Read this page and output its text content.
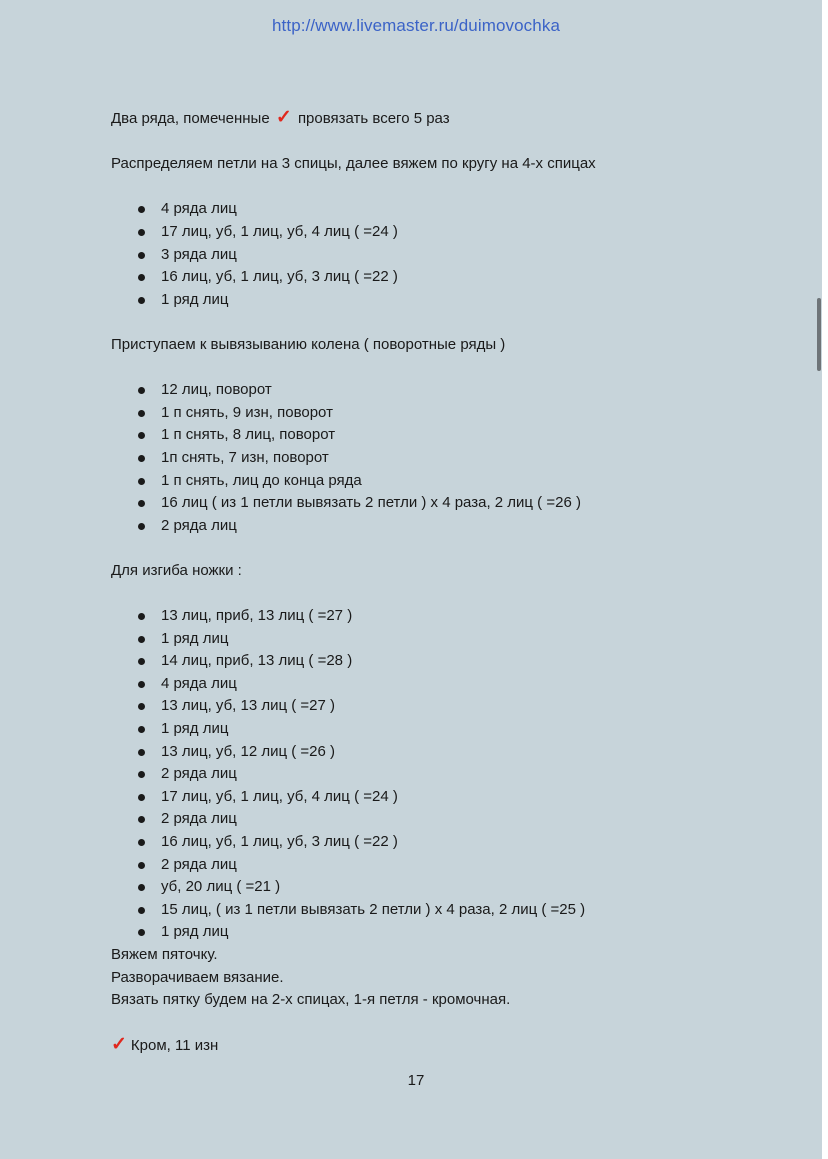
http://www.livemaster.ru/duimovochka

Два ряда, помеченные ✓ провязать всего 5 раз

Распределяем петли на 3 спицы, далее вяжем по кругу на 4-х спицах

4 ряда лиц
17 лиц, уб, 1 лиц, уб, 4 лиц ( =24 )
3 ряда лиц
16 лиц, уб, 1 лиц, уб, 3 лиц ( =22 )
1 ряд лиц

Приступаем к вывязыванию колена ( поворотные ряды )

12 лиц, поворот
1 п снять, 9 изн, поворот
1 п снять, 8 лиц, поворот
1п снять, 7 изн, поворот
1 п снять, лиц до конца ряда
16 лиц ( из 1 петли вывязать 2 петли ) х 4 раза, 2 лиц ( =26 )
2 ряда лиц

Для изгиба ножки :

13 лиц, приб, 13 лиц ( =27 )
1 ряд лиц
14 лиц, приб, 13 лиц ( =28 )
4 ряда лиц
13 лиц, уб, 13 лиц ( =27 )
1 ряд лиц
13 лиц, уб, 12 лиц ( =26 )
2 ряда лиц
17 лиц, уб, 1 лиц, уб, 4 лиц ( =24 )
2 ряда лиц
16 лиц, уб, 1 лиц, уб, 3 лиц ( =22 )
2 ряда лиц
уб, 20 лиц ( =21 )
15 лиц, ( из 1 петли вывязать 2 петли ) х 4 раза, 2 лиц ( =25 )
1 ряд лиц

Вяжем пяточку.

Разворачиваем вязание.

Вязать пятку будем на 2-х спицах, 1-я петля - кромочная.

✓ Кром, 11 изн

17
